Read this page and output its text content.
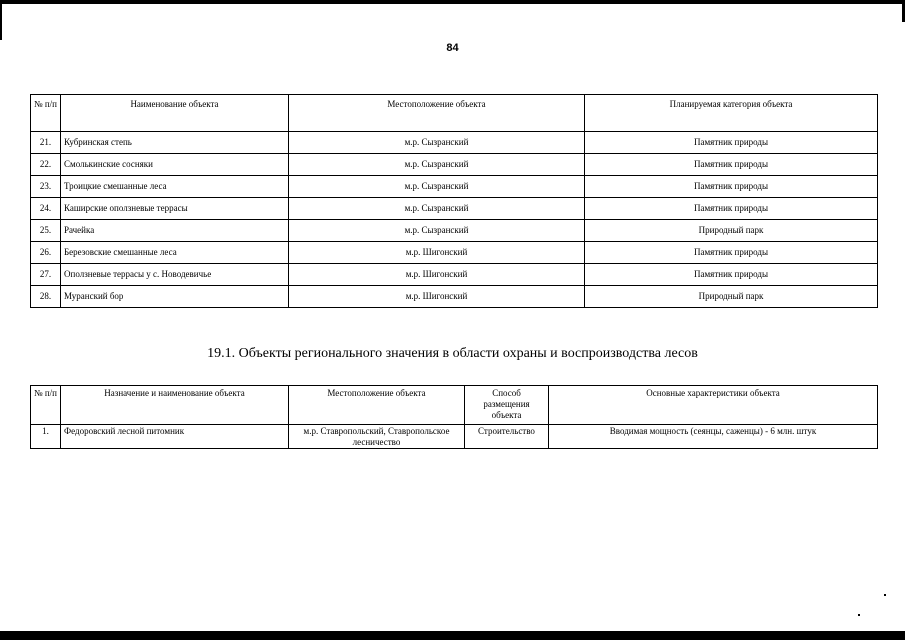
84
№ п/п	Наименование объекта	Местоположение объекта	Планируемая категория объекта
21.	Кубринская степь	м.р. Сызранский	Памятник природы
22.	Смолькинские сосняки	м.р. Сызранский	Памятник природы
23.	Троицкие смешанные леса	м.р. Сызранский	Памятник природы
24.	Каширские оползневые террасы	м.р. Сызранский	Памятник природы
25.	Рачейка	м.р. Сызранский	Природный парк
26.	Березовские смешанные леса	м.р. Шигонский	Памятник природы
27.	Оползневые террасы у с. Новодевичье	м.р. Шигонский	Памятник природы
28.	Муранский бор	м.р. Шигонский	Природный парк
19.1. Объекты регионального значения в области охраны и воспроизводства лесов
№ п/п	Назначение и наименование объекта	Местоположение объекта	Способ размещения объекта	Основные характеристики объекта
1.	Федоровский лесной питомник	м.р. Ставропольский, Ставропольское лесничество	Строительство	Вводимая мощность (сеянцы, саженцы) - 6 млн. штук
